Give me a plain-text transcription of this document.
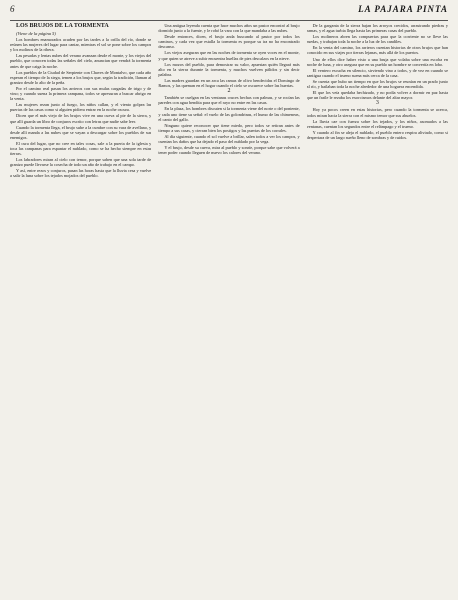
6	LA PAJARA PINTA

LOS BRUJOS DE LA TORMENTA

(Viene de la página 5)

Los hombres enamorados acuden por las tardes a la orilla del río, donde se reúnen las mujeres del lugar para cantar, mientras el sol se pone sobre los campos y los molinos de la ribera.

Las pesadas y lentas nubes del verano avanzan desde el monte, y los viejos del pueblo, que conocen todas las señales del cielo, anuncian que vendrá la tormenta antes de que caiga la noche.

Los pueblos de la Ciudad de Serpiente con Chaves de Montalvo, que cada año esperan el tiempo de la siega, temen a los brujos que, según la tradición, llaman al granizo desde lo alto de la peña.

Por el camino real pasan los arrieros con sus mulas cargadas de trigo y de vino; y cuando suena la primera campana, todos se apresuran a buscar abrigo en la venta.

Las mujeres rezan junto al fuego, los niños callan, y el viento golpea las puertas de las casas como si alguien pidiera entrar en la noche oscura.

Dicen que el más viejo de los brujos vive en una cueva al pie de la sierra, y que allí guarda un libro de conjuros escrito con letras que nadie sabe leer.

Cuando la tormenta llega, el brujo sube a la cumbre con su vara de avellano, y desde allí manda a las nubes que se vayan a descargar sobre los pueblos de sus enemigos.

El cura del lugar, que no cree en tales cosas, sale a la puerta de la iglesia y toca las campanas para espantar el nublado, como se ha hecho siempre en estas tierras.

Los labradores miran al cielo con temor, porque saben que una sola tarde de granizo puede llevarse la cosecha de todo un año de trabajo en el campo.

Y así, entre rezos y conjuros, pasan las horas hasta que la lluvia cesa y vuelve a salir la luna sobre los tejados mojados del pueblo.

Una antigua leyenda cuenta que hace muchos años un pastor encontró al brujo dormido junto a la fuente, y le robó la vara con la que mandaba a las nubes.

Desde entonces, dicen, el brujo anda buscando al pastor por todos los caminos, y cada vez que estalla la tormenta es porque su ira no ha encontrado descanso.

Los viejos aseguran que en las noches de tormenta se oyen voces en el monte, y que quien se atreve a subir encuentra huellas de pies descalzos en la nieve.

Los mozos del pueblo, para demostrar su valor, apuestan quién llegará más alto en la sierra durante la tormenta, y muchos vuelven pálidos y sin decir palabra.

Las madres guardan en un arca las ramas de olivo bendecidas el Domingo de Ramos, y las queman en el hogar cuando el cielo se oscurece sobre las huertas.

2

También se cuelgan en las ventanas cruces hechas con palmas, y se rocían las paredes con agua bendita para que el rayo no entre en las casas.

En la plaza, los hombres discuten si la tormenta viene del norte o del poniente, y cada uno tiene su señal: el vuelo de las golondrinas, el humo de las chimeneas, el canto del gallo.

Ninguno quiere reconocer que tiene miedo, pero todos se retiran antes de tiempo a sus casas, y cierran bien los postigos y las puertas de los corrales.

Al día siguiente, cuando el sol vuelve a brillar, salen todos a ver los campos, y cuentan los daños que ha dejado el paso del nublado por la vega.

Y el brujo, desde su cueva, mira al pueblo y sonríe, porque sabe que volverá a tener poder cuando lleguen de nuevo los calores del verano.

De la garganta de la sierra bajan los arroyos crecidos, arrastrando piedras y ramas, y el agua turbia llega hasta las primeras casas del pueblo.

Los molineros abren las compuertas para que la corriente no se lleve las ruedas, y trabajan toda la noche a la luz de los candiles.

En la venta del camino, los arrieros cuentan historias de otros brujos que han conocido en sus viajes por tierras lejanas, más allá de los puertos.

Uno de ellos dice haber visto a una bruja que volaba sobre una escoba en noche de luna, y otro asegura que en su pueblo un hombre se convertía en lobo.

El ventero escucha en silencio, sirviendo vino a todos, y de vez en cuando se santigua cuando el trueno suena más cerca de la casa.

Se cuenta que hubo un tiempo en que los brujos se reunían en un prado junto al río, y bailaban toda la noche alrededor de una hoguera encendida.

El que los veía quedaba hechizado, y no podía volver a dormir en paz hasta que un fraile le rezaba los exorcismos delante del altar mayor.

3

Hoy ya pocos creen en estas historias, pero cuando la tormenta se acerca, todos miran hacia la sierra con el mismo temor que sus abuelos.

La lluvia cae con fuerza sobre los tejados, y los niños, asomados a las ventanas, cuentan los segundos entre el relámpago y el trueno.

Y cuando al fin se aleja el nublado, el pueblo entero respira aliviado, como si despertara de un largo sueño lleno de sombras y de ruidos.
